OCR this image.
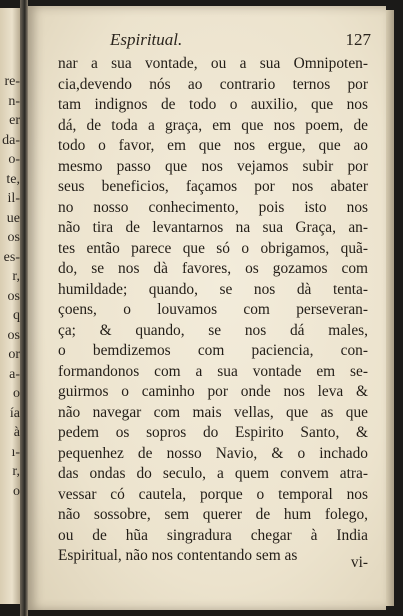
re-
n-
er
da-
o-
te,
il-
ue
os
es-
r,
os
q
os
or
a-
o
ía
à
ı-
r,
o
Espiritual.	127
nar a sua vontade, ou a sua Omnipoten-
cia,devendo nós ao contrario ternos por
tam indignos de todo o auxilio, que nos
dá, de toda a graça, em que nos poem, de
todo o favor, em que nos ergue, que ao
mesmo passo que nos vejamos subir por
seus beneficios, façamos por nos abater
no nosso conhecimento, pois isto nos
não tira de levantarnos na sua Graça, an-
tes então parece que só o obrigamos, quã-
do, se nos dà favores, os gozamos com
humildade; quando, se nos dà tenta-
çoens, o louvamos com perseveran-
ça; & quando, se nos dá males,
o bemdizemos com paciencia, con-
formandonos com a sua vontade em se-
guirmos o caminho por onde nos leva &
não navegar com mais vellas, que as que
pedem os sopros do Espirito Santo, &
pequenhez de nosso Navio, & o inchado
das ondas do seculo, a quem convem atra-
vessar có cautela, porque o temporal nos
não sossobre, sem querer de hum folego,
ou de hũa singradura chegar à India
Espiritual, não nos contentando sem as	vi-
